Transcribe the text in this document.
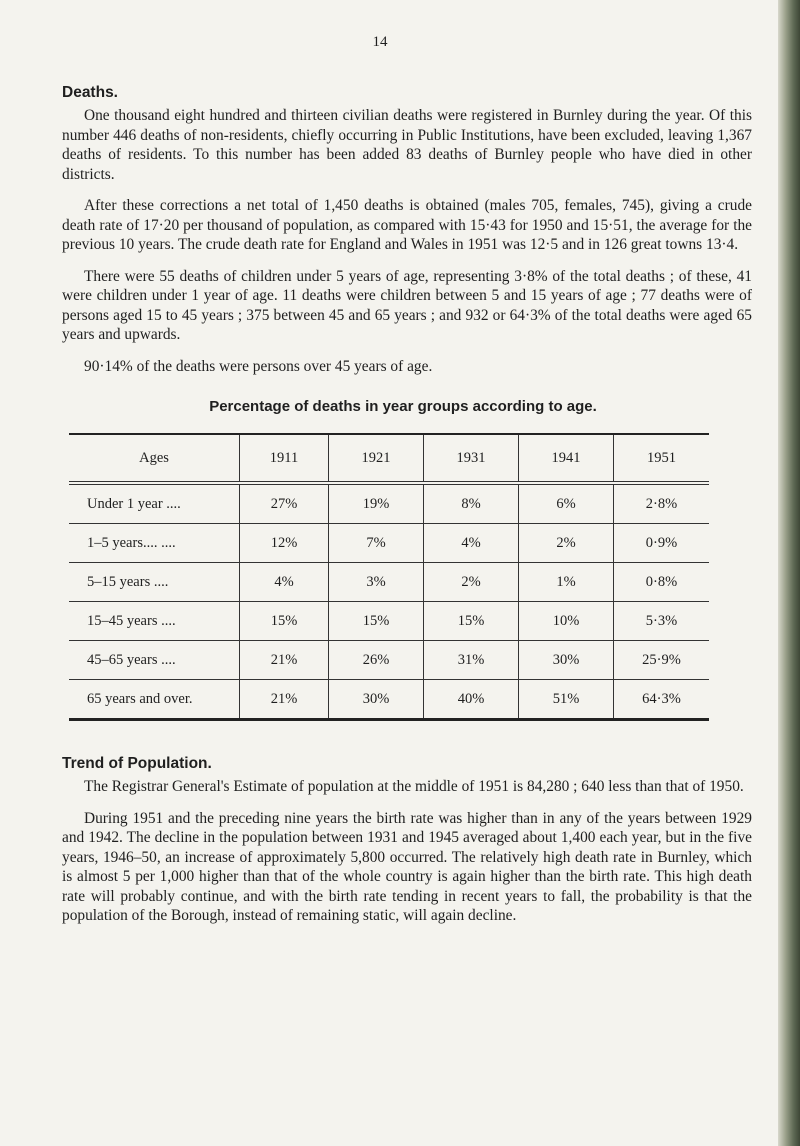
14
Deaths.

One thousand eight hundred and thirteen civilian deaths were registered in Burnley during the year. Of this number 446 deaths of non-residents, chiefly occurring in Public Institutions, have been excluded, leaving 1,367 deaths of residents. To this number has been added 83 deaths of Burnley people who have died in other districts.

After these corrections a net total of 1,450 deaths is obtained (males 705, females, 745), giving a crude death rate of 17·20 per thousand of population, as compared with 15·43 for 1950 and 15·51, the average for the previous 10 years. The crude death rate for England and Wales in 1951 was 12·5 and in 126 great towns 13·4.

There were 55 deaths of children under 5 years of age, representing 3·8% of the total deaths ; of these, 41 were children under 1 year of age. 11 deaths were children between 5 and 15 years of age ; 77 deaths were of persons aged 15 to 45 years ; 375 between 45 and 65 years ; and 932 or 64·3% of the total deaths were aged 65 years and upwards.

90·14% of the deaths were persons over 45 years of age.

Percentage of deaths in year groups according to age.
Ages	1911	1921	1931	1941	1951
Under 1 year ....	27%	19%	8%	6%	2·8%
1–5 years.... ....	12%	7%	4%	2%	0·9%
5–15 years ....	4%	3%	2%	1%	0·8%
15–45 years ....	15%	15%	15%	10%	5·3%
45–65 years ....	21%	26%	31%	30%	25·9%
65 years and over.	21%	30%	40%	51%	64·3%
Trend of Population.

The Registrar General's Estimate of population at the middle of 1951 is 84,280 ; 640 less than that of 1950.

During 1951 and the preceding nine years the birth rate was higher than in any of the years between 1929 and 1942. The decline in the population between 1931 and 1945 averaged about 1,400 each year, but in the five years, 1946–50, an increase of approximately 5,800 occurred. The relatively high death rate in Burnley, which is almost 5 per 1,000 higher than that of the whole country is again higher than the birth rate. This high death rate will probably continue, and with the birth rate tending in recent years to fall, the probability is that the population of the Borough, instead of remaining static, will again decline.
